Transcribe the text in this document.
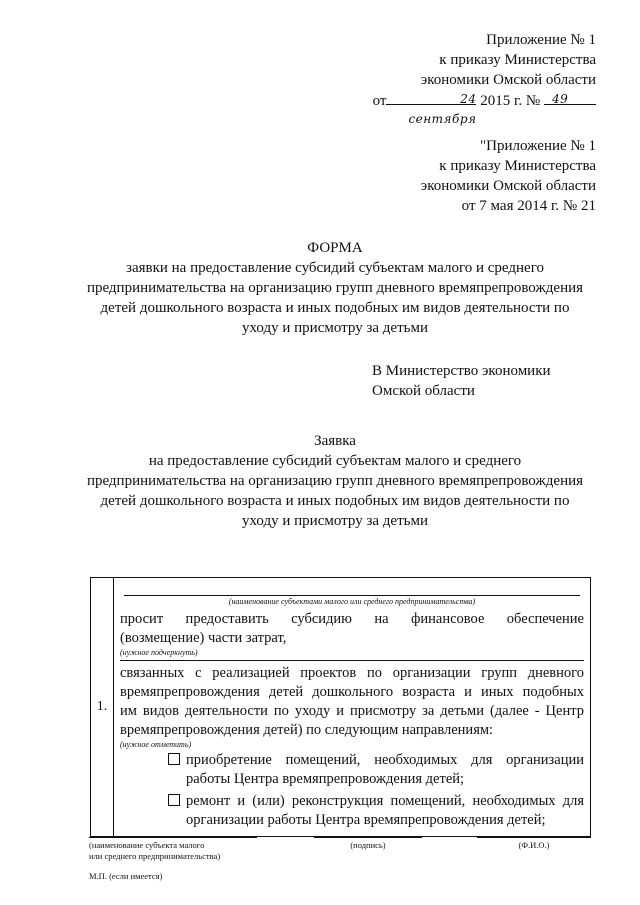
Приложение № 1
к приказу Министерства
экономики Омской области
от	24 сентября
2015 г. № 49
"Приложение № 1
к приказу Министерства
экономики Омской области
от 7 мая 2014 г. № 21
ФОРМА
заявки на предоставление субсидий субъектам малого и среднего
предпринимательства на организацию групп дневного времяпрепровождения
детей дошкольного возраста и иных подобных им видов деятельности по
уходу и присмотру за детьми
В Министерство экономики
Омской области
Заявка
на предоставление субсидий субъектам малого и среднего
предпринимательства на организацию групп дневного времяпрепровождения
детей дошкольного возраста и иных подобных им видов деятельности по
уходу и присмотру за детьми
1.	
(наименование субъектами малого или среднего предпринимательства)
просит предоставить субсидию на финансовое обеспечение
(возмещение) части затрат,
(нужное подчеркнуть)
связанных с реализацией проектов по организации групп дневного
времяпрепровождения детей дошкольного возраста и иных подобных
им видов деятельности по уходу и присмотру за детьми (далее - Центр
времяпрепровождения детей) по следующим направлениям:
(нужное отметить)
приобретение помещений, необходимых для организации
работы Центра времяпрепровождения детей;
ремонт и (или) реконструкция помещений, необходимых для
организации работы Центра времяпрепровождения детей;
(наименование субъекта малого
или среднего предпринимательства)
(подпись)	(Ф.И.О.)
М.П. (если имеется)
